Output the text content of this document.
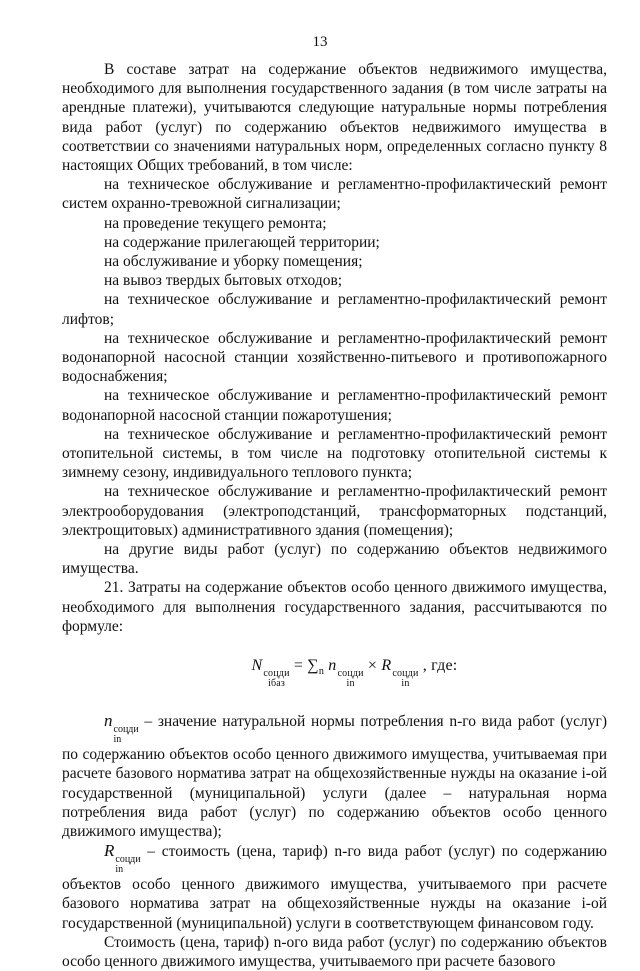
13

В составе затрат на содержание объектов недвижимого имущества, необходимого для выполнения государственного задания (в том числе затраты на арендные платежи), учитываются следующие натуральные нормы потребления вида работ (услуг) по содержанию объектов недвижимого имущества в соответствии со значениями натуральных норм, определенных согласно пункту 8 настоящих Общих требований, в том числе:

на техническое обслуживание и регламентно-профилактический ремонт систем охранно-тревожной сигнализации;

на проведение текущего ремонта;

на содержание прилегающей территории;

на обслуживание и уборку помещения;

на вывоз твердых бытовых отходов;

на техническое обслуживание и регламентно-профилактический ремонт лифтов;

на техническое обслуживание и регламентно-профилактический ремонт водонапорной насосной станции хозяйственно-питьевого и противопожарного водоснабжения;

на техническое обслуживание и регламентно-профилактический ремонт водонапорной насосной станции пожаротушения;

на техническое обслуживание и регламентно-профилактический ремонт отопительной системы, в том числе на подготовку отопительной системы к зимнему сезону, индивидуального теплового пункта;

на техническое обслуживание и регламентно-профилактический ремонт электрооборудования (электроподстанций, трансформаторных подстанций, электрощитовых) административного здания (помещения);

на другие виды работ (услуг) по содержанию объектов недвижимого имущества.

21. Затраты на содержание объектов особо ценного движимого имущества, необходимого для выполнения государственного задания, рассчитываются по формуле:

N соцди
iбаз
= $\sum_n$ n соцди
in
× R соцди
in
, где:

n соцди
in
– значение натуральной нормы потребления n-го вида работ (услуг) по содержанию объектов особо ценного движимого имущества, учитываемая при расчете базового норматива затрат на общехозяйственные нужды на оказание i-ой государственной (муниципальной) услуги (далее – натуральная норма потребления вида работ (услуг) по содержанию объектов особо ценного движимого имущества);

R соцди
in
– стоимость (цена, тариф) n-го вида работ (услуг) по содержанию объектов особо ценного движимого имущества, учитываемого при расчете базового норматива затрат на общехозяйственные нужды на оказание i-ой государственной (муниципальной) услуги в соответствующем финансовом году.

Стоимость (цена, тариф) n-ого вида работ (услуг) по содержанию объектов особо ценного движимого имущества, учитываемого при расчете базового
